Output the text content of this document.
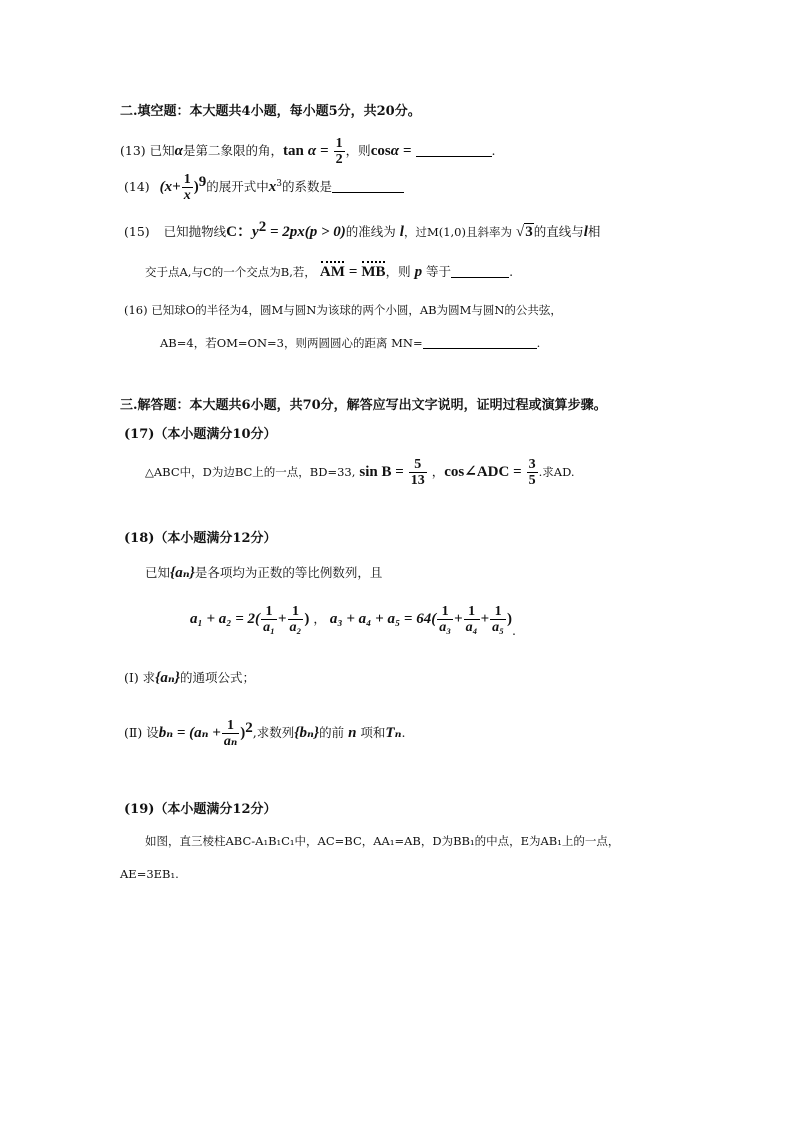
二.填空题：本大题共4小题，每小题5分，共20分。
(13) 已知α是第二象限的角，$\tan \alpha = \frac{1}{2}$ ，则cosα =	.
(14) $(x+ \frac{1}{x} )^9$的展开式中$x^3$的系数是
(15) 已知抛物线C：$y^2 = 2px(p > 0)$的准线为 l，过M(1,0)且斜率为 √3的直线与l相
交于点A,与C的一个交点为B,若， AM = MB，则 p 等于	.
(16) 已知球O的半径为4，圆M与圆N为该球的两个小圆，AB为圆M与圆N的公共弦，
AB=4，若OM=ON=3，则两圆圆心的距离 MN=	.
三.解答题：本大题共6小题，共70分，解答应写出文字说明，证明过程或演算步骤。
(17)（本小题满分10分）
△ABC中，D为边BC上的一点，BD=33, $\sin B = \frac{5}{13}$ ，cos∠ADC = $\frac{3}{5}$ .求AD.
(18)（本小题满分12分）
已知{aₙ}是各项均为正数的等比例数列，且
$a_1 + a_2 = 2( \frac{1}{\text{a₁}} + \frac{1}{\text{a₂}}$ ) ， $a_3 + a_4 + a_5 = 64( \frac{1}{\text{a₃}} + \frac{1}{\text{a₄}} + \frac{1}{\text{a₅}}$ ).
(Ⅰ) 求{aₙ}的通项公式；
(Ⅱ) 设$b_n = (a_n + \frac{1}{\text{aₙ}} )^2$,求数列{bₙ}的前 n 项和Tₙ.
(19)（本小题满分12分）
如图，直三棱柱ABC-A₁B₁C₁中，AC=BC，AA₁=AB，D为BB₁的中点，E为AB₁上的一点，
AE=3EB₁.
